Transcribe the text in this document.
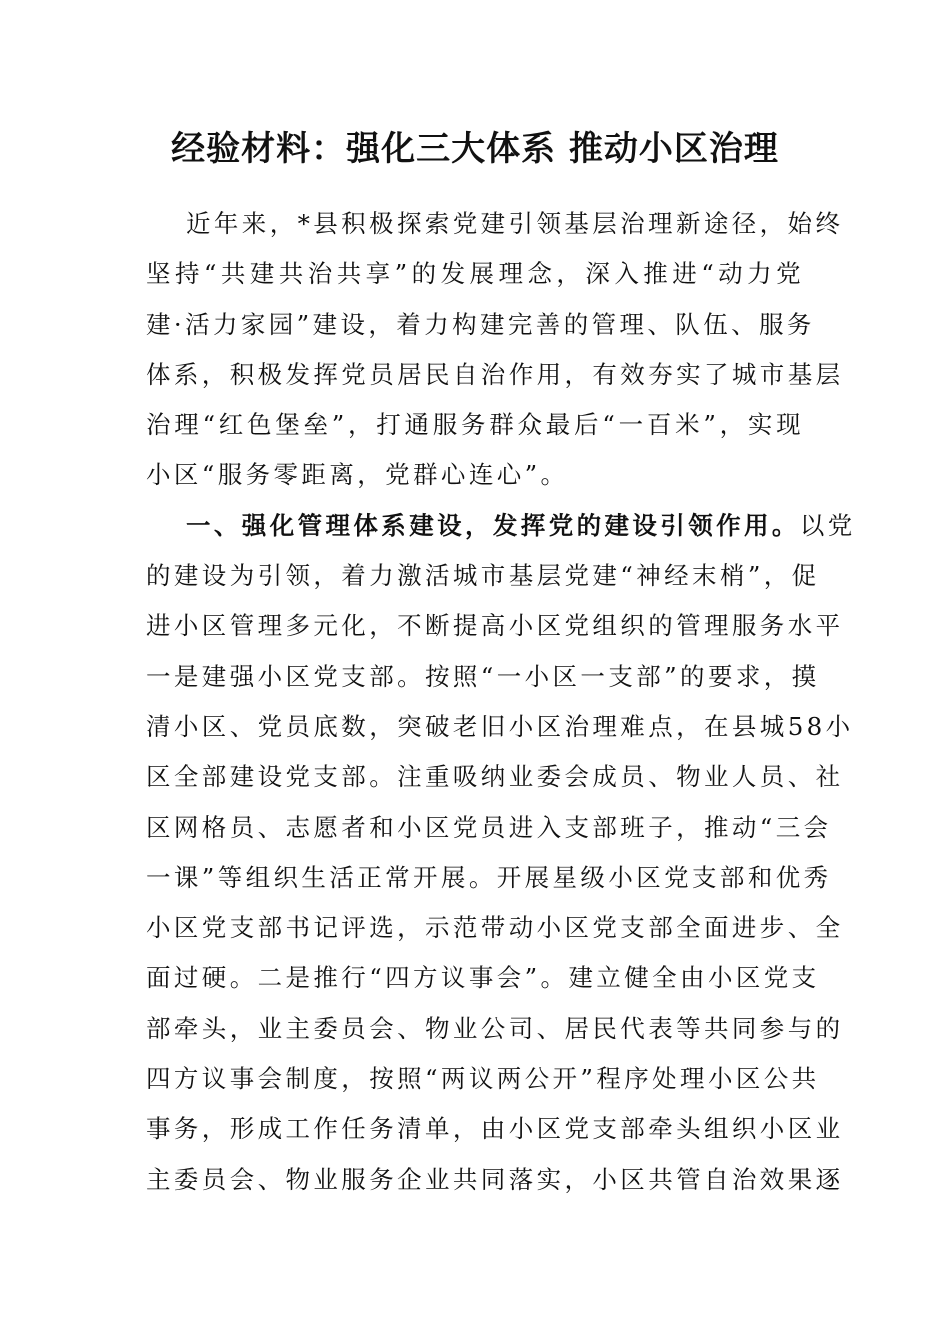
经验材料：强化三大体系 推动小区治理
近年来，*县积极探索党建引领基层治理新途径，始终
坚持“共建共治共享”的发展理念，深入推进“动力党
建·活力家园”建设，着力构建完善的管理、队伍、服务
体系，积极发挥党员居民自治作用，有效夯实了城市基层
治理“红色堡垒”，打通服务群众最后“一百米”，实现
小区“服务零距离，党群心连心”。
一、强化管理体系建设，发挥党的建设引领作用。以党
的建设为引领，着力激活城市基层党建“神经末梢”，促
进小区管理多元化，不断提高小区党组织的管理服务水平
一是建强小区党支部。按照“一小区一支部”的要求，摸
清小区、党员底数，突破老旧小区治理难点，在县城58小
区全部建设党支部。注重吸纳业委会成员、物业人员、社
区网格员、志愿者和小区党员进入支部班子，推动“三会
一课”等组织生活正常开展。开展星级小区党支部和优秀
小区党支部书记评选，示范带动小区党支部全面进步、全
面过硬。二是推行“四方议事会”。建立健全由小区党支
部牵头，业主委员会、物业公司、居民代表等共同参与的
四方议事会制度，按照“两议两公开”程序处理小区公共
事务，形成工作任务清单，由小区党支部牵头组织小区业
主委员会、物业服务企业共同落实，小区共管自治效果逐
